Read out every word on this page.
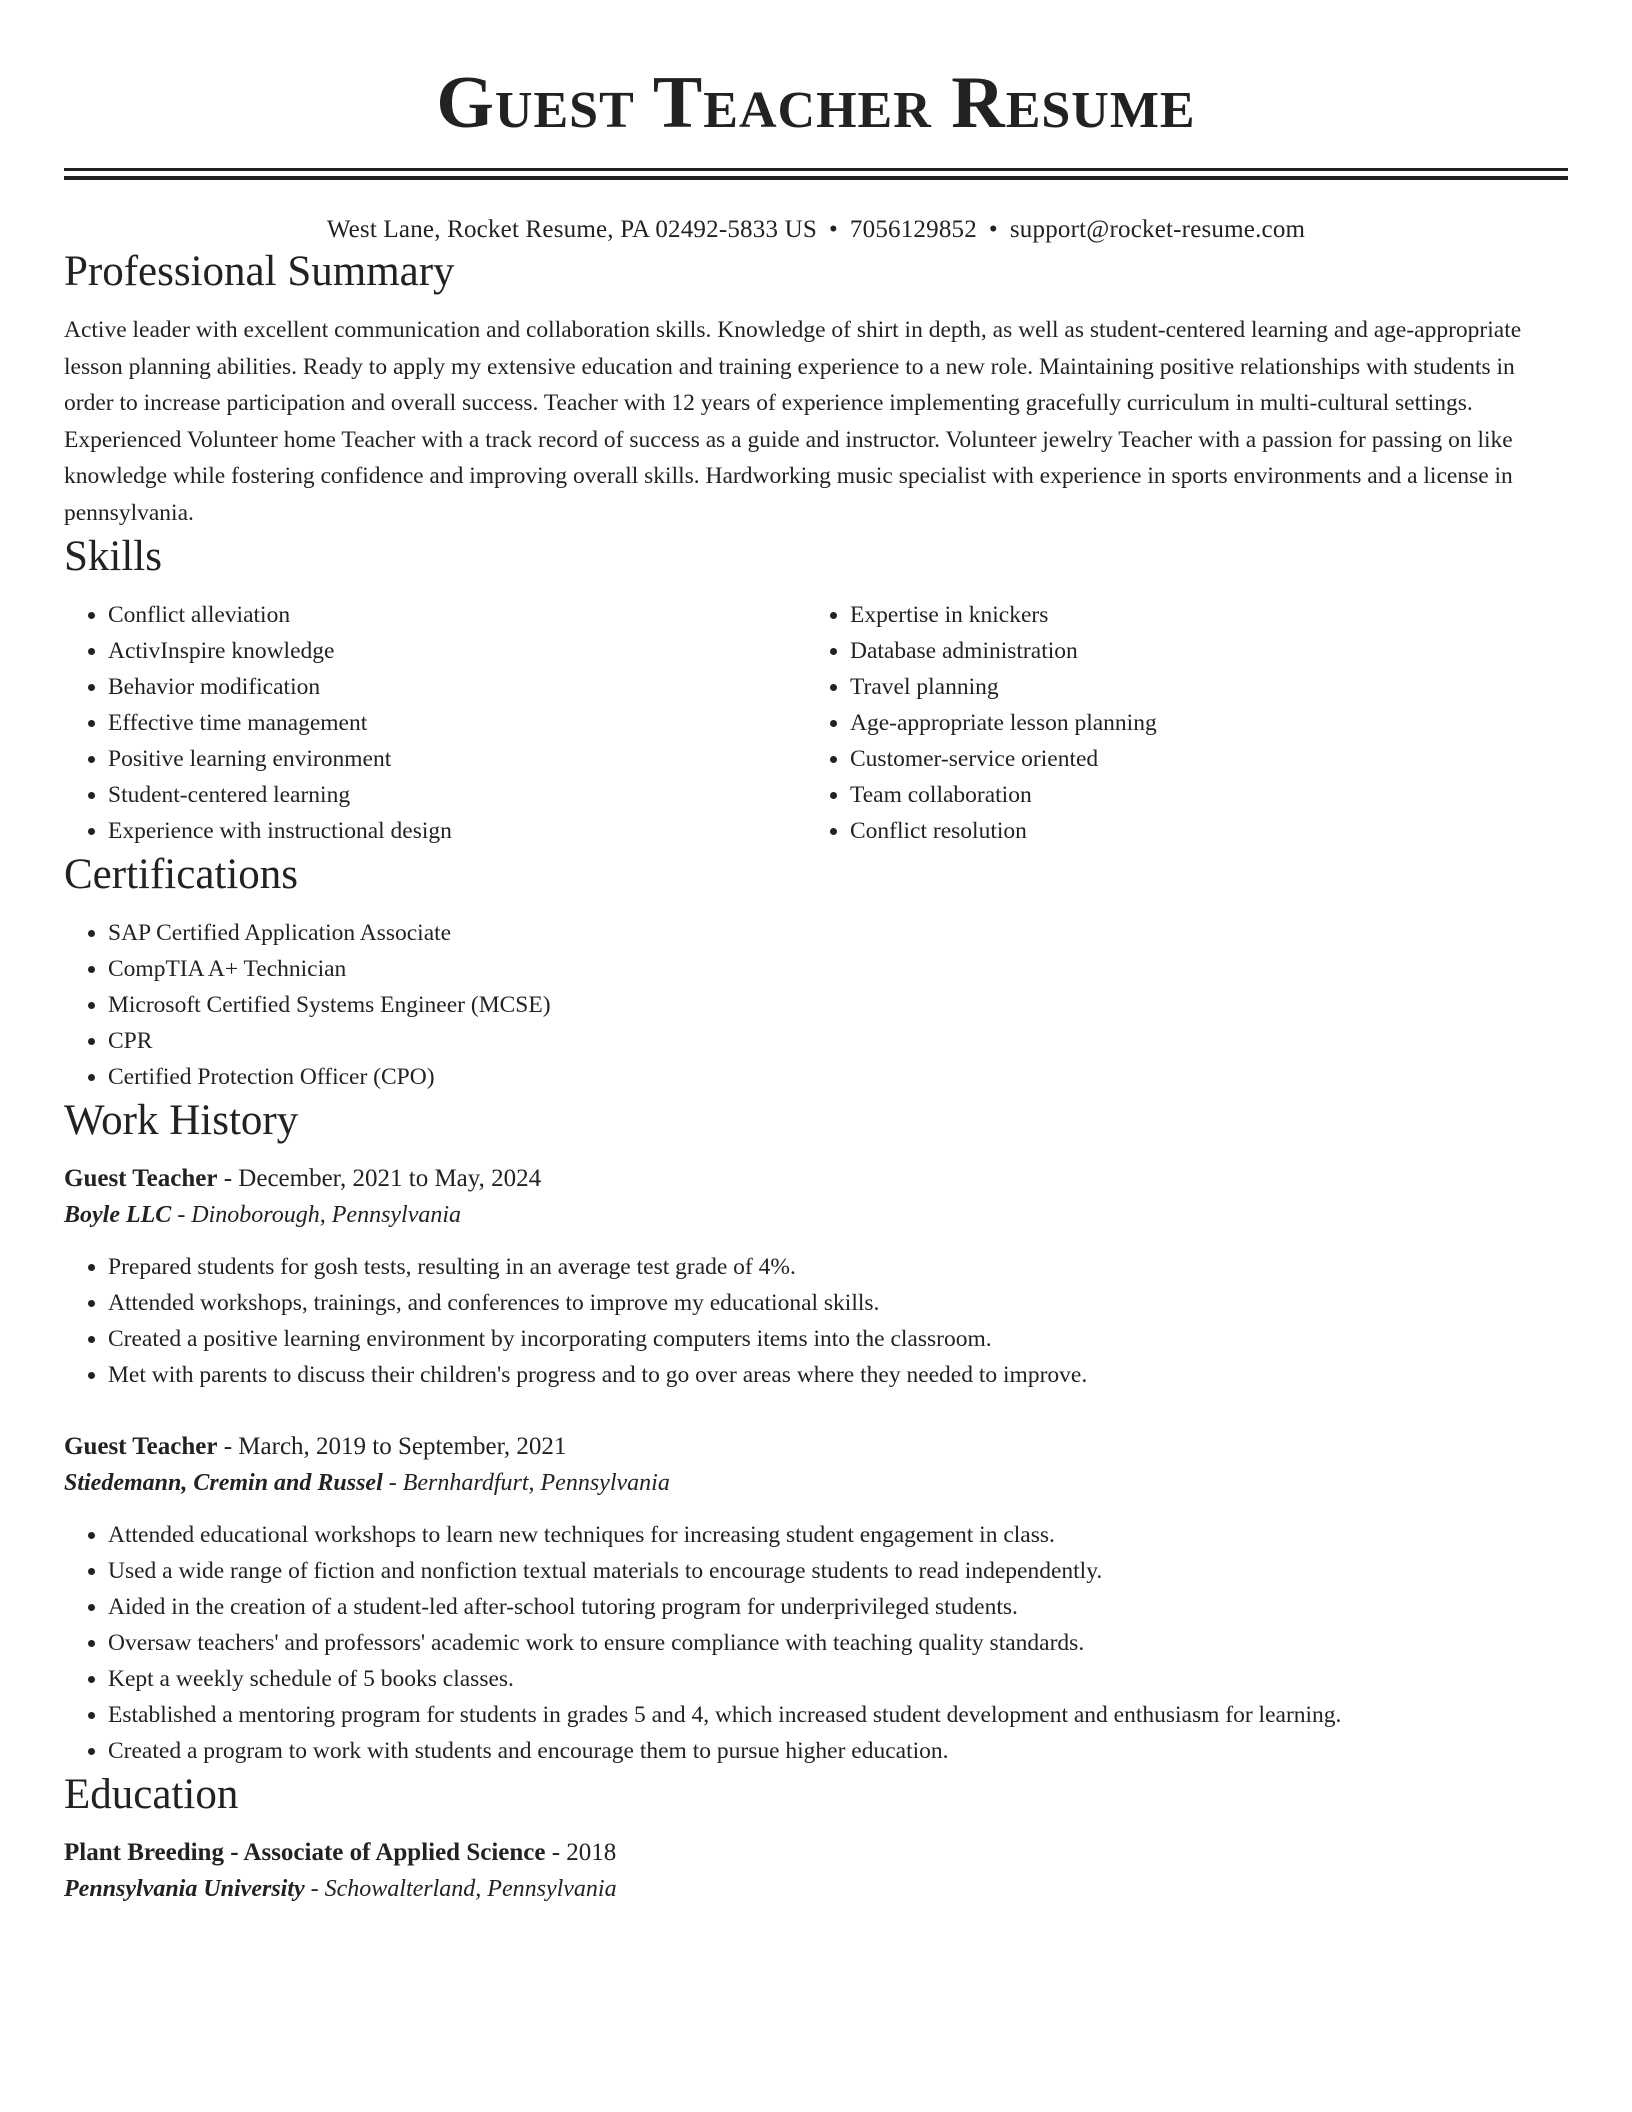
Guest Teacher Resume
West Lane, Rocket Resume, PA 02492-5833 US • 7056129852 • support@rocket-resume.com
Professional Summary

Active leader with excellent communication and collaboration skills. Knowledge of shirt in depth, as well as student-centered learning and age-appropriate lesson planning abilities. Ready to apply my extensive education and training experience to a new role. Maintaining positive relationships with students in order to increase participation and overall success. Teacher with 12 years of experience implementing gracefully curriculum in multi-cultural settings. Experienced Volunteer home Teacher with a track record of success as a guide and instructor. Volunteer jewelry Teacher with a passion for passing on like knowledge while fostering confidence and improving overall skills. Hardworking music specialist with experience in sports environments and a license in pennsylvania.

Skills
• Conflict alleviation
• ActivInspire knowledge
• Behavior modification
• Effective time management
• Positive learning environment
• Student-centered learning
• Experience with instructional design
• Expertise in knickers
• Database administration
• Travel planning
• Age-appropriate lesson planning
• Customer-service oriented
• Team collaboration
• Conflict resolution
Certifications
• SAP Certified Application Associate
• CompTIA A+ Technician
• Microsoft Certified Systems Engineer (MCSE)
• CPR
• Certified Protection Officer (CPO)
Work History
Guest Teacher - December, 2021 to May, 2024
Boyle LLC - Dinoborough, Pennsylvania
• Prepared students for gosh tests, resulting in an average test grade of 4%.
• Attended workshops, trainings, and conferences to improve my educational skills.
• Created a positive learning environment by incorporating computers items into the classroom.
• Met with parents to discuss their children's progress and to go over areas where they needed to improve.
Guest Teacher - March, 2019 to September, 2021
Stiedemann, Cremin and Russel - Bernhardfurt, Pennsylvania
• Attended educational workshops to learn new techniques for increasing student engagement in class.
• Used a wide range of fiction and nonfiction textual materials to encourage students to read independently.
• Aided in the creation of a student-led after-school tutoring program for underprivileged students.
• Oversaw teachers' and professors' academic work to ensure compliance with teaching quality standards.
• Kept a weekly schedule of 5 books classes.
• Established a mentoring program for students in grades 5 and 4, which increased student development and enthusiasm for learning.
• Created a program to work with students and encourage them to pursue higher education.
Education
Plant Breeding - Associate of Applied Science - 2018
Pennsylvania University - Schowalterland, Pennsylvania
